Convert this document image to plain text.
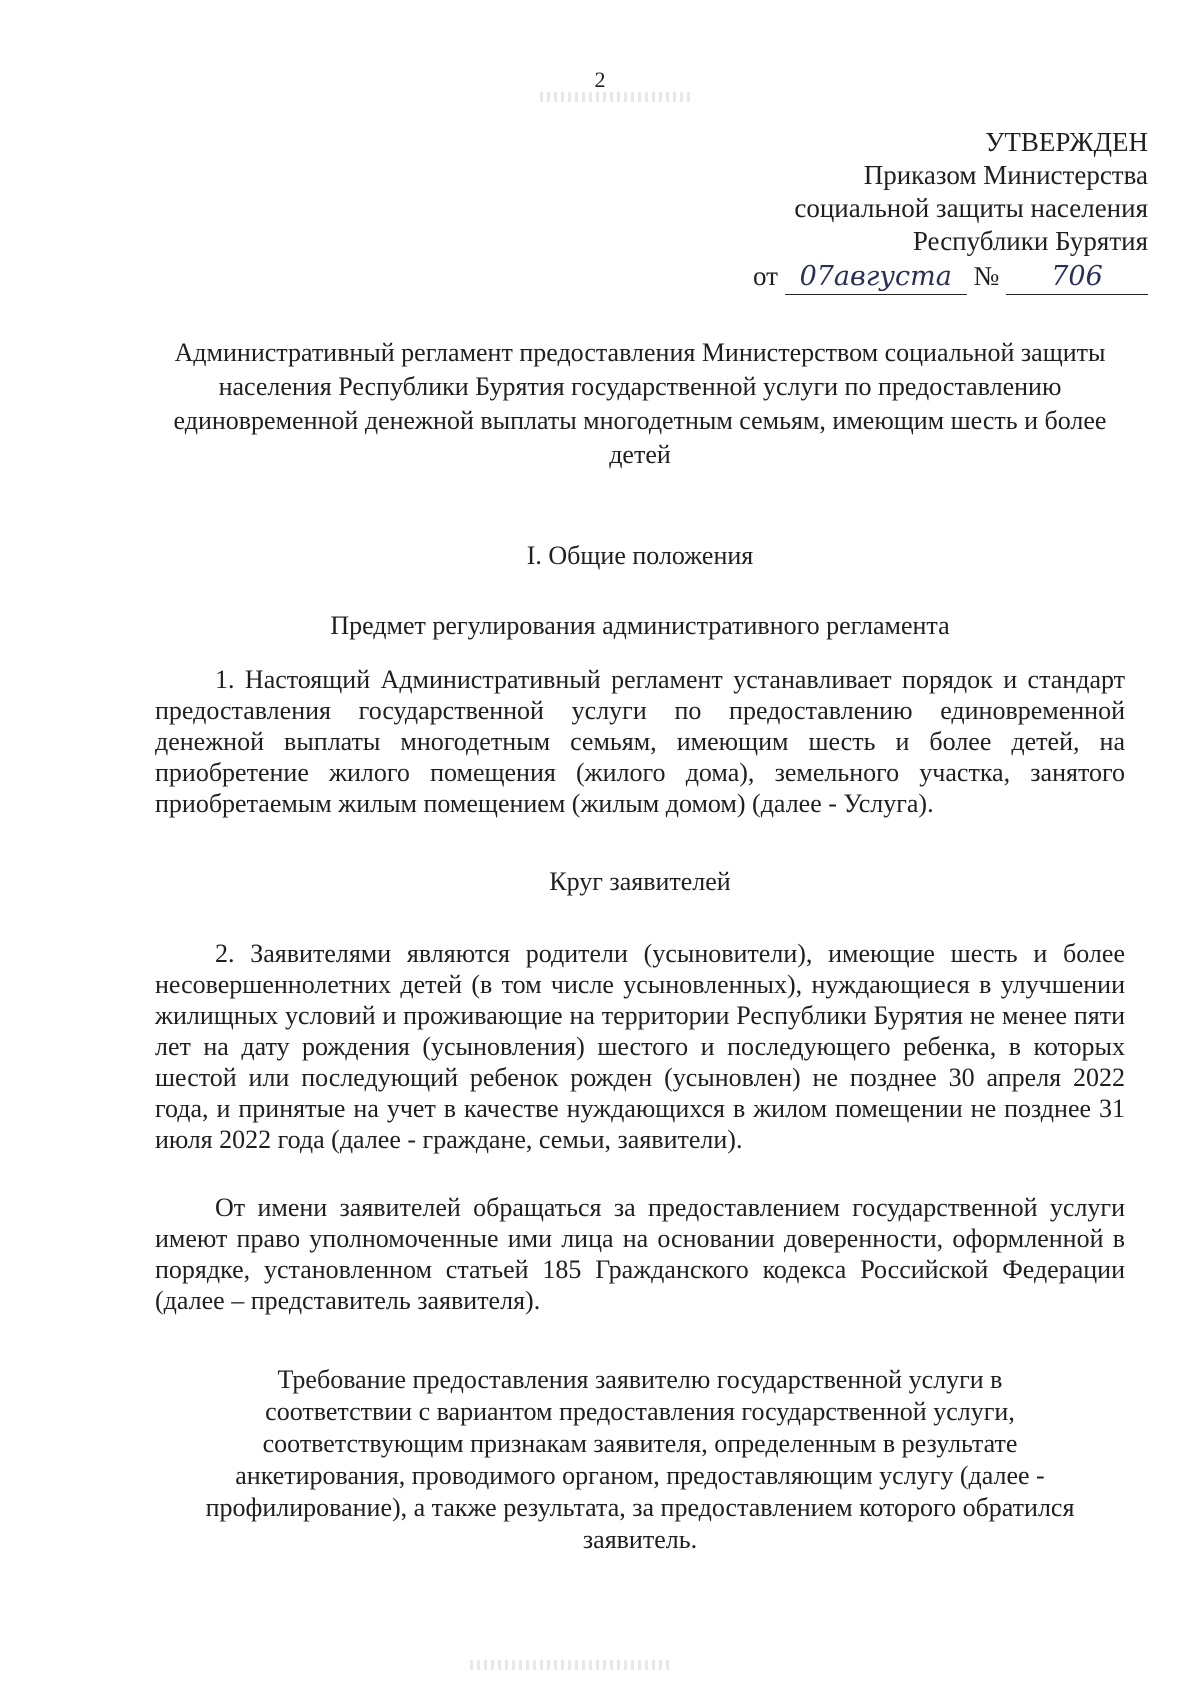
2
УТВЕРЖДЕН
Приказом Министерства
социальной защиты населения
Республики Бурятия
от 07августа № 706
Административный регламент предоставления Министерством социальной защиты населения Республики Бурятия государственной услуги по предоставлению единовременной денежной выплаты многодетным семьям, имеющим шесть и более детей
I. Общие положения
Предмет регулирования административного регламента
1. Настоящий Административный регламент устанавливает порядок и стандарт предоставления государственной услуги по предоставлению единовременной денежной выплаты многодетным семьям, имеющим шесть и более детей, на приобретение жилого помещения (жилого дома), земельного участка, занятого приобретаемым жилым помещением (жилым домом) (далее - Услуга).
Круг заявителей
2. Заявителями являются родители (усыновители), имеющие шесть и более несовершеннолетних детей (в том числе усыновленных), нуждающиеся в улучшении жилищных условий и проживающие на территории Республики Бурятия не менее пяти лет на дату рождения (усыновления) шестого и последующего ребенка, в которых шестой или последующий ребенок рожден (усыновлен) не позднее 30 апреля 2022 года, и принятые на учет в качестве нуждающихся в жилом помещении не позднее 31 июля 2022 года (далее - граждане, семьи, заявители).
От имени заявителей обращаться за предоставлением государственной услуги имеют право уполномоченные ими лица на основании доверенности, оформленной в порядке, установленном статьей 185 Гражданского кодекса Российской Федерации (далее – представитель заявителя).
Требование предоставления заявителю государственной услуги в
соответствии с вариантом предоставления государственной услуги,
соответствующим признакам заявителя, определенным в результате
анкетирования, проводимого органом, предоставляющим услугу (далее -
профилирование), а также результата, за предоставлением которого обратился
заявитель.
